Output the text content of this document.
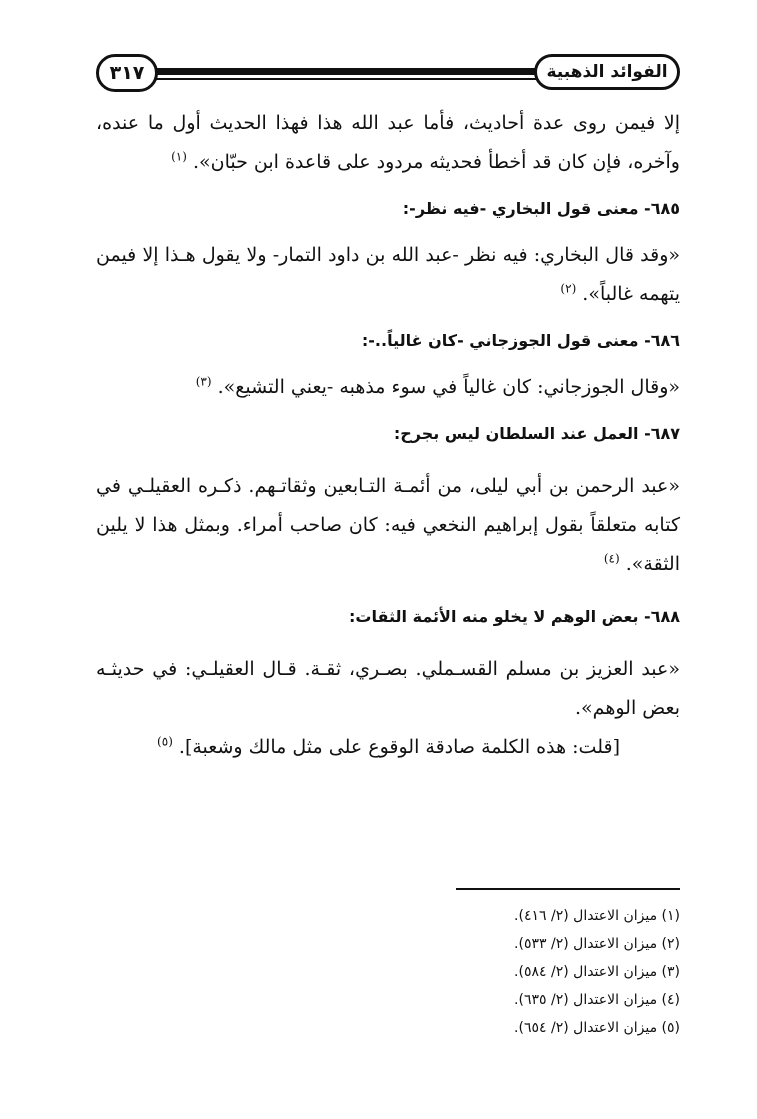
الفوائد الذهبية
٣١٧

إلا فيمن روى عدة أحاديث، فأما عبد الله هذا فهذا الحديث أول ما عنده، وآخره، فإن كان قد أخطأ فحديثه مردود على قاعدة ابن حبّان». $^{(١)}$

٦٨٥- معنى قول البخاري -فيه نظر-:

«وقد قال البخاري: فيه نظر -عبد الله بن داود التمار- ولا يقول هـذا إلا فيمن يتهمه غالباً». $^{(٢)}$

٦٨٦- معنى قول الجوزجاني -كان غالياً..-:

«وقال الجوزجاني: كان غالياً في سوء مذهبه -يعني التشيع». $^{(٣)}$

٦٨٧- العمل عند السلطان ليس بجرح:

«عبد الرحمن بن أبي ليلى، من أئمـة التـابعين وثقاتـهم. ذكـره العقيلـي في كتابه متعلقاً بقول إبراهيم النخعي فيه: كان صاحب أمراء. وبمثل هذا لا يلين الثقة». $^{(٤)}$

٦٨٨- بعض الوهم لا يخلو منه الأئمة الثقات:

«عبد العزيز بن مسلم القسـملي. بصـري، ثقـة. قـال العقيلـي: في حديثـه بعض الوهم».

[قلت: هذه الكلمة صادقة الوقوع على مثل مالك وشعبة]. $^{(٥)}$

(١) ميزان الاعتدال (٢/ ٤١٦).

(٢) ميزان الاعتدال (٢/ ٥٣٣).

(٣) ميزان الاعتدال (٢/ ٥٨٤).

(٤) ميزان الاعتدال (٢/ ٦٣٥).

(٥) ميزان الاعتدال (٢/ ٦٥٤).
